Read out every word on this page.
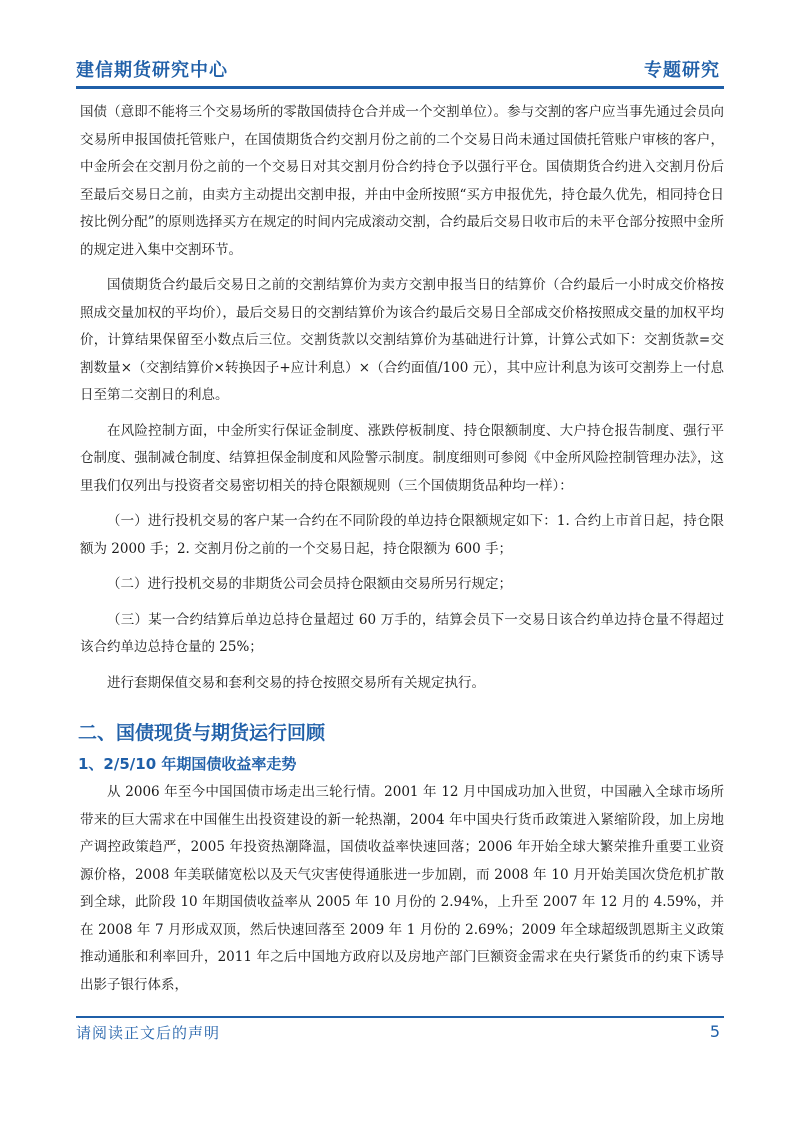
建信期货研究中心	专题研究

国债（意即不能将三个交易场所的零散国债持仓合并成一个交割单位）。参与交割的客户应当事先通过会员向交易所申报国债托管账户，在国债期货合约交割月份之前的二个交易日尚未通过国债托管账户审核的客户，中金所会在交割月份之前的一个交易日对其交割月份合约持仓予以强行平仓。国债期货合约进入交割月份后至最后交易日之前，由卖方主动提出交割申报，并由中金所按照“买方申报优先，持仓最久优先，相同持仓日按比例分配”的原则选择买方在规定的时间内完成滚动交割，合约最后交易日收市后的未平仓部分按照中金所的规定进入集中交割环节。

国债期货合约最后交易日之前的交割结算价为卖方交割申报当日的结算价（合约最后一小时成交价格按照成交量加权的平均价），最后交易日的交割结算价为该合约最后交易日全部成交价格按照成交量的加权平均价，计算结果保留至小数点后三位。交割货款以交割结算价为基础进行计算，计算公式如下：交割货款=交割数量×（交割结算价×转换因子+应计利息）×（合约面值/100 元），其中应计利息为该可交割券上一付息日至第二交割日的利息。

在风险控制方面，中金所实行保证金制度、涨跌停板制度、持仓限额制度、大户持仓报告制度、强行平仓制度、强制减仓制度、结算担保金制度和风险警示制度。制度细则可参阅《中金所风险控制管理办法》，这里我们仅列出与投资者交易密切相关的持仓限额规则（三个国债期货品种均一样）：

（一）进行投机交易的客户某一合约在不同阶段的单边持仓限额规定如下：1. 合约上市首日起，持仓限额为 2000 手；2. 交割月份之前的一个交易日起，持仓限额为 600 手；

（二）进行投机交易的非期货公司会员持仓限额由交易所另行规定；

（三）某一合约结算后单边总持仓量超过 60 万手的，结算会员下一交易日该合约单边持仓量不得超过该合约单边总持仓量的 25%；

进行套期保值交易和套利交易的持仓按照交易所有关规定执行。

二、国债现货与期货运行回顾
1、2/5/10 年期国债收益率走势

从 2006 年至今中国国债市场走出三轮行情。2001 年 12 月中国成功加入世贸，中国融入全球市场所带来的巨大需求在中国催生出投资建设的新一轮热潮，2004 年中国央行货币政策进入紧缩阶段，加上房地产调控政策趋严，2005 年投资热潮降温，国债收益率快速回落；2006 年开始全球大繁荣推升重要工业资源价格，2008 年美联储宽松以及天气灾害使得通胀进一步加剧，而 2008 年 10 月开始美国次贷危机扩散到全球，此阶段 10 年期国债收益率从 2005 年 10 月份的 2.94%，上升至 2007 年 12 月的 4.59%，并在 2008 年 7 月形成双顶，然后快速回落至 2009 年 1 月份的 2.69%；2009 年全球超级凯恩斯主义政策推动通胀和利率回升，2011 年之后中国地方政府以及房地产部门巨额资金需求在央行紧货币的约束下诱导出影子银行体系，

请阅读正文后的声明	5
